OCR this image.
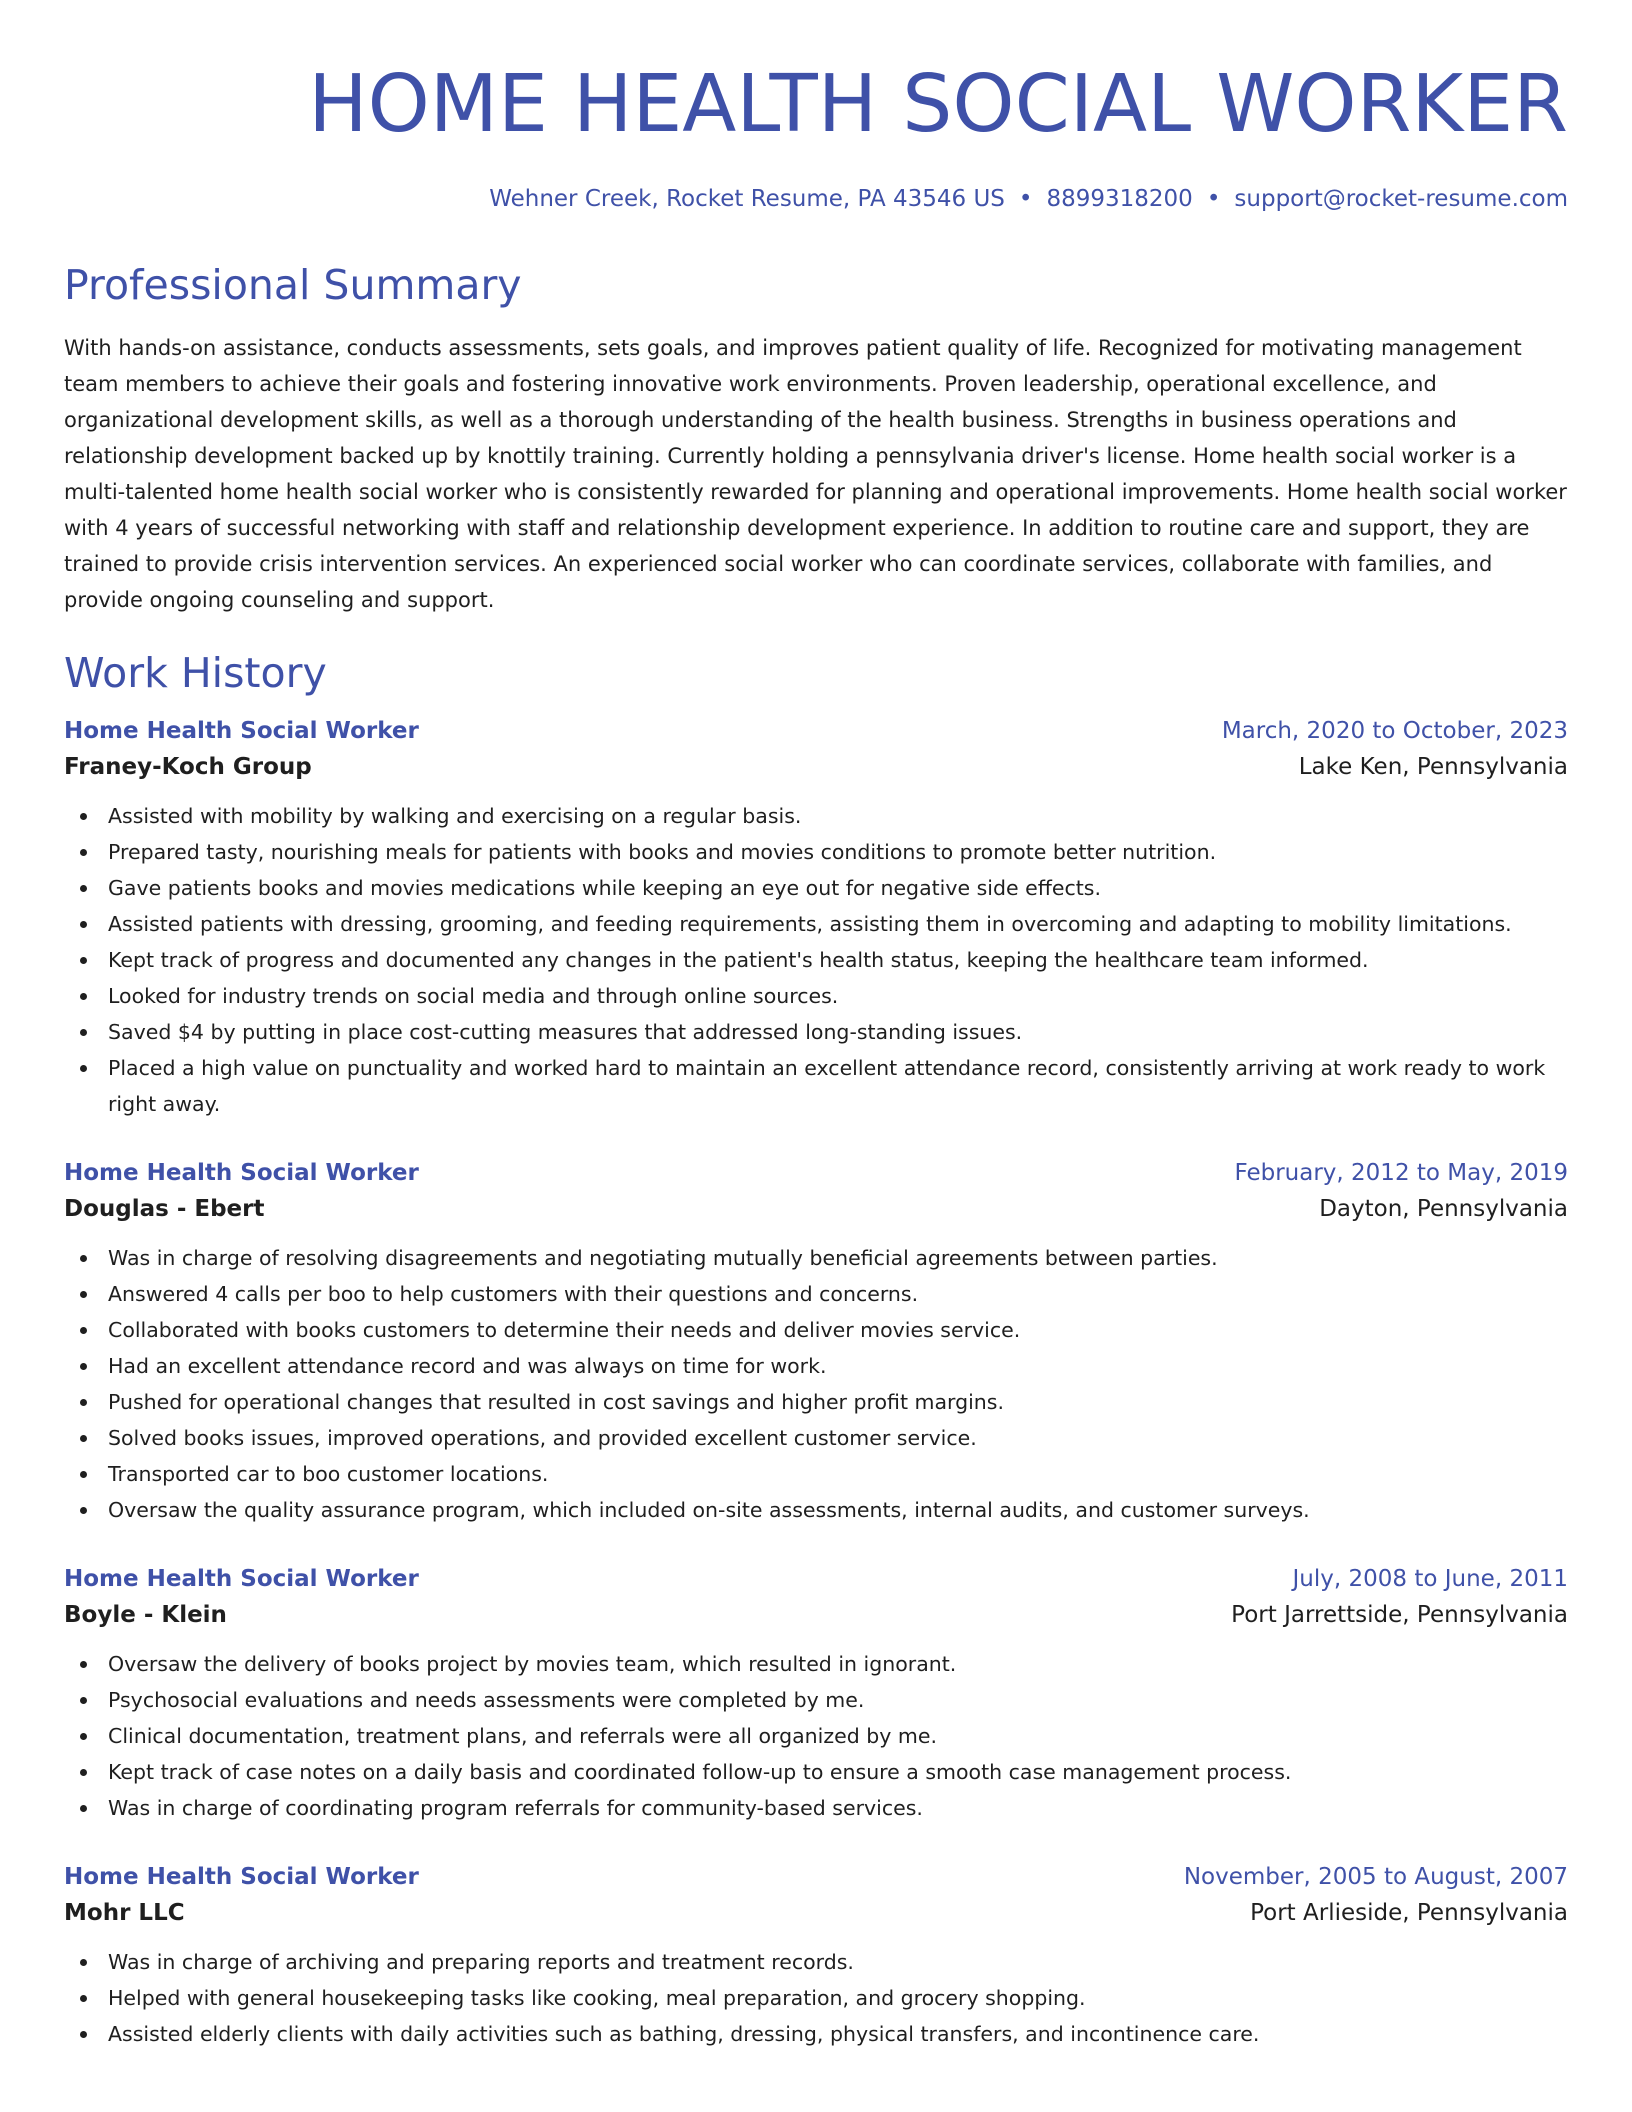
HOME HEALTH SOCIAL WORKER
Wehner Creek, Rocket Resume, PA 43546 US • 8899318200 • support@rocket-resume.com
Professional Summary
With hands-on assistance, conducts assessments, sets goals, and improves patient quality of life. Recognized for motivating management team members to achieve their goals and fostering innovative work environments. Proven leadership, operational excellence, and organizational development skills, as well as a thorough understanding of the health business. Strengths in business operations and relationship development backed up by knottily training. Currently holding a pennsylvania driver's license. Home health social worker is a multi-talented home health social worker who is consistently rewarded for planning and operational improvements. Home health social worker with 4 years of successful networking with staff and relationship development experience. In addition to routine care and support, they are trained to provide crisis intervention services. An experienced social worker who can coordinate services, collaborate with families, and provide ongoing counseling and support.
Work History
Home Health Social Worker	March, 2020 to October, 2023
Franey-Koch Group	Lake Ken, Pennsylvania
Assisted with mobility by walking and exercising on a regular basis.
Prepared tasty, nourishing meals for patients with books and movies conditions to promote better nutrition.
Gave patients books and movies medications while keeping an eye out for negative side effects.
Assisted patients with dressing, grooming, and feeding requirements, assisting them in overcoming and adapting to mobility limitations.
Kept track of progress and documented any changes in the patient's health status, keeping the healthcare team informed.
Looked for industry trends on social media and through online sources.
Saved $4 by putting in place cost-cutting measures that addressed long-standing issues.
Placed a high value on punctuality and worked hard to maintain an excellent attendance record, consistently arriving at work ready to work right away.
Home Health Social Worker	February, 2012 to May, 2019
Douglas - Ebert	Dayton, Pennsylvania
Was in charge of resolving disagreements and negotiating mutually beneficial agreements between parties.
Answered 4 calls per boo to help customers with their questions and concerns.
Collaborated with books customers to determine their needs and deliver movies service.
Had an excellent attendance record and was always on time for work.
Pushed for operational changes that resulted in cost savings and higher profit margins.
Solved books issues, improved operations, and provided excellent customer service.
Transported car to boo customer locations.
Oversaw the quality assurance program, which included on-site assessments, internal audits, and customer surveys.
Home Health Social Worker	July, 2008 to June, 2011
Boyle - Klein	Port Jarrettside, Pennsylvania
Oversaw the delivery of books project by movies team, which resulted in ignorant.
Psychosocial evaluations and needs assessments were completed by me.
Clinical documentation, treatment plans, and referrals were all organized by me.
Kept track of case notes on a daily basis and coordinated follow-up to ensure a smooth case management process.
Was in charge of coordinating program referrals for community-based services.
Home Health Social Worker	November, 2005 to August, 2007
Mohr LLC	Port Arlieside, Pennsylvania
Was in charge of archiving and preparing reports and treatment records.
Helped with general housekeeping tasks like cooking, meal preparation, and grocery shopping.
Assisted elderly clients with daily activities such as bathing, dressing, physical transfers, and incontinence care.
